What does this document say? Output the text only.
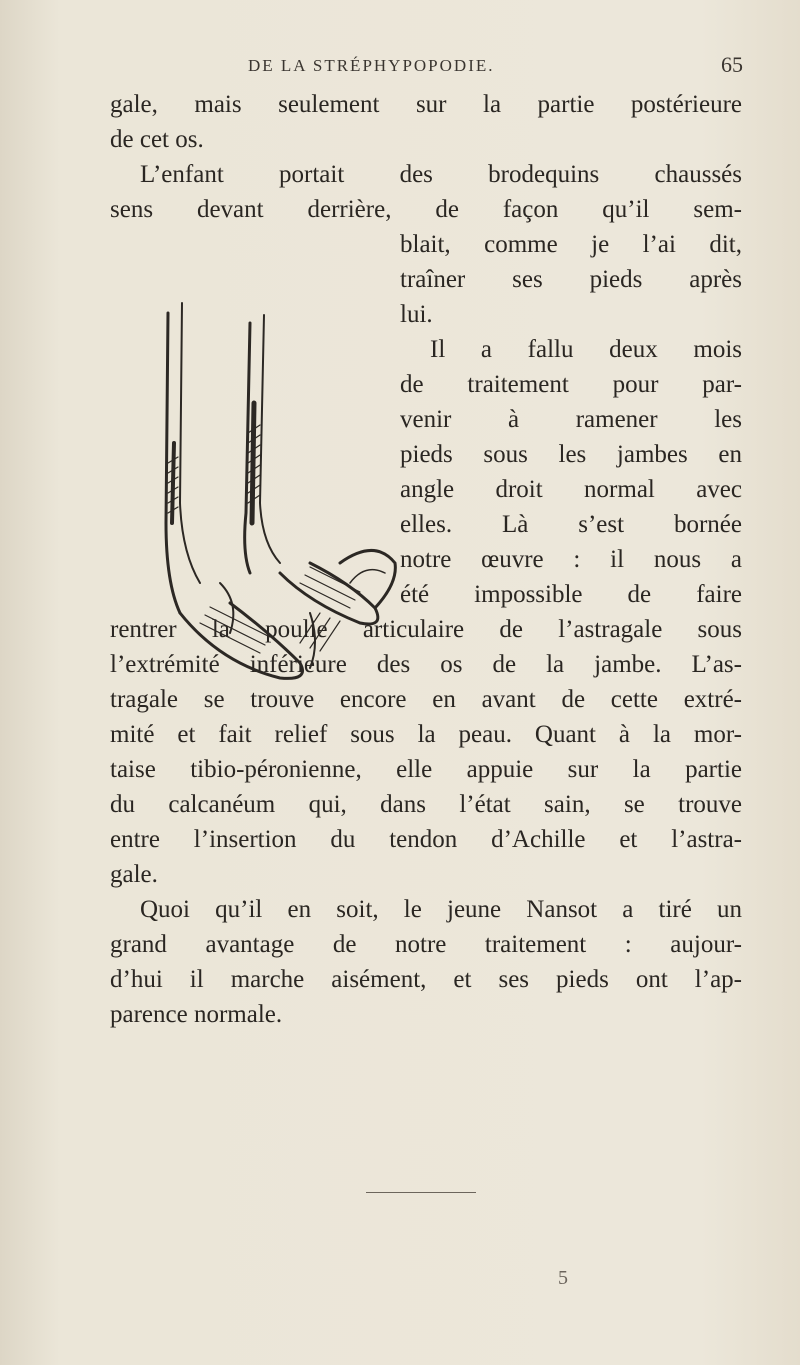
DE LA STRÉPHYPOPODIE.	65
gale, mais seulement sur la partie postérieure
de cet os.
L’enfant portait des brodequins chaussés
sens devant derrière, de façon qu’il sem-
blait, comme je l’ai dit,
traîner ses pieds après
lui.
Il a fallu deux mois
de traitement pour par-
venir à ramener les
pieds sous les jambes en
angle droit normal avec
elles. Là s’est bornée
notre œuvre : il nous a
été impossible de faire
rentrer la poulie articulaire de l’astragale sous
l’extrémité inférieure des os de la jambe. L’as-
tragale se trouve encore en avant de cette extré-
mité et fait relief sous la peau. Quant à la mor-
taise tibio-péronienne, elle appuie sur la partie
du calcanéum qui, dans l’état sain, se trouve
entre l’insertion du tendon d’Achille et l’astra-
gale.
Quoi qu’il en soit, le jeune Nansot a tiré un
grand avantage de notre traitement : aujour-
d’hui il marche aisément, et ses pieds ont l’ap-
parence normale.
5
